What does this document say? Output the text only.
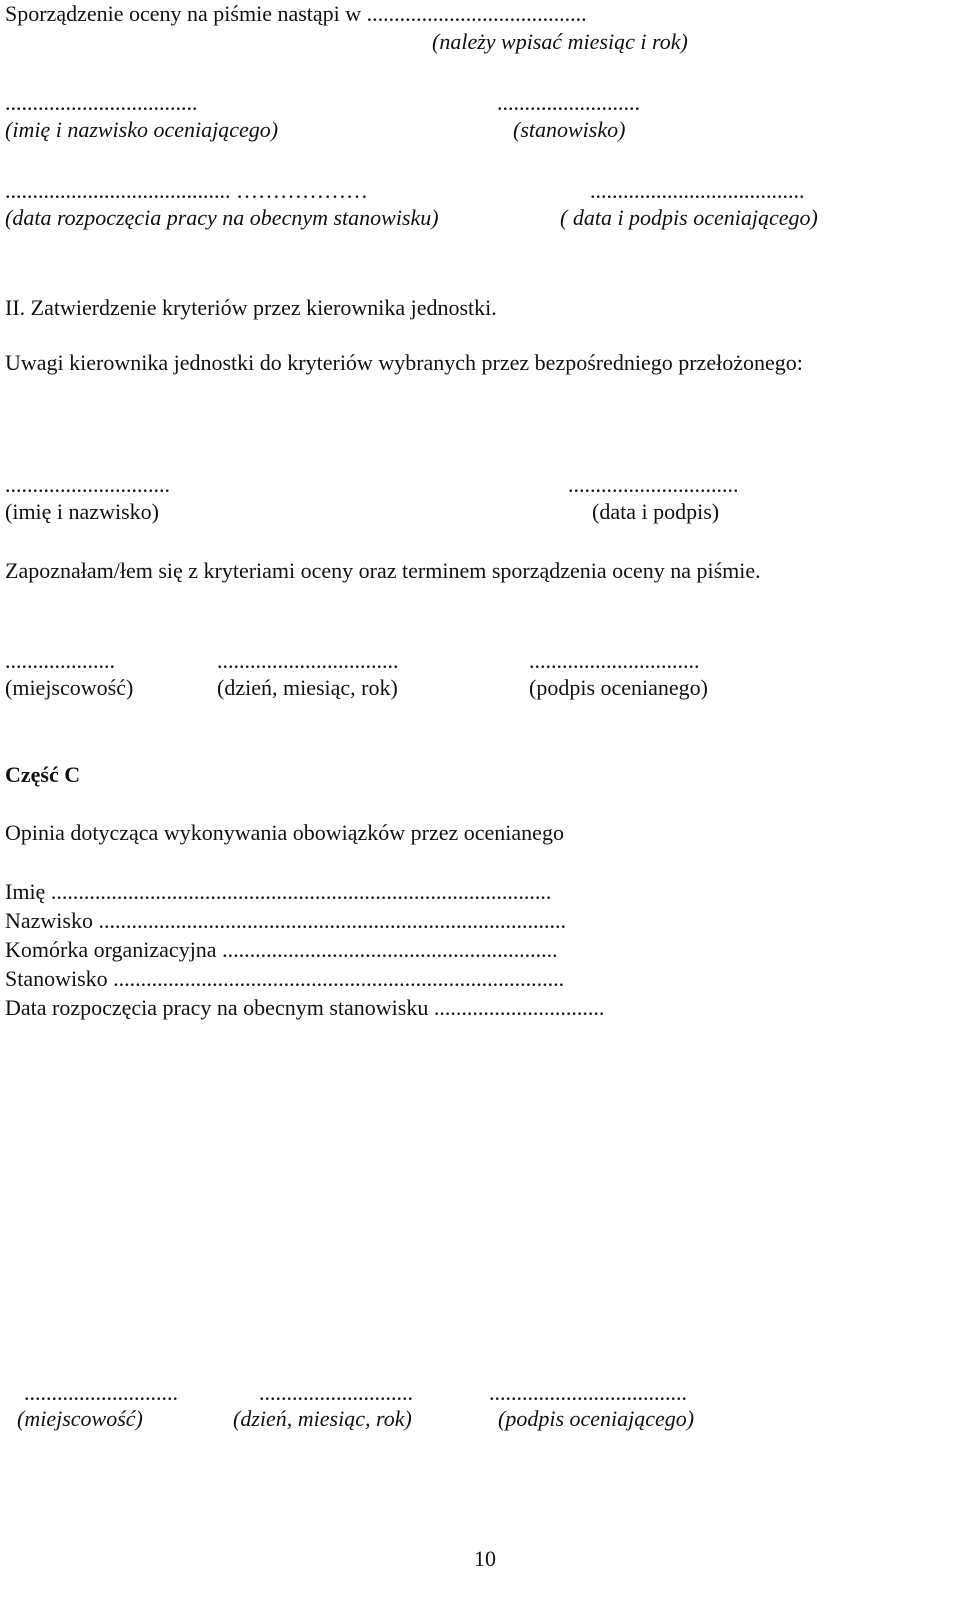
Sporządzenie oceny na piśmie nastąpi w ........................................
(należy wpisać miesiąc i rok)
...................................	..........................
(imię i nazwisko oceniającego)	(stanowisko)
......................................... ………………	.......................................
(data rozpoczęcia pracy na obecnym stanowisku)	( data i podpis oceniającego)
II. Zatwierdzenie kryteriów przez kierownika jednostki.
Uwagi kierownika jednostki do kryteriów wybranych przez bezpośredniego przełożonego:
..............................	...............................
(imię i nazwisko)	(data i podpis)
Zapoznałam/łem się z kryteriami oceny oraz terminem sporządzenia oceny na piśmie.
....................	.................................	...............................
(miejscowość)	(dzień, miesiąc, rok)	(podpis ocenianego)
Część C
Opinia dotycząca wykonywania obowiązków przez ocenianego
Imię ...........................................................................................
Nazwisko .....................................................................................
Komórka organizacyjna .............................................................
Stanowisko ..................................................................................
Data rozpoczęcia pracy na obecnym stanowisku ...............................
............................	............................	....................................
(miejscowość)	(dzień, miesiąc, rok)	(podpis oceniającego)
10
